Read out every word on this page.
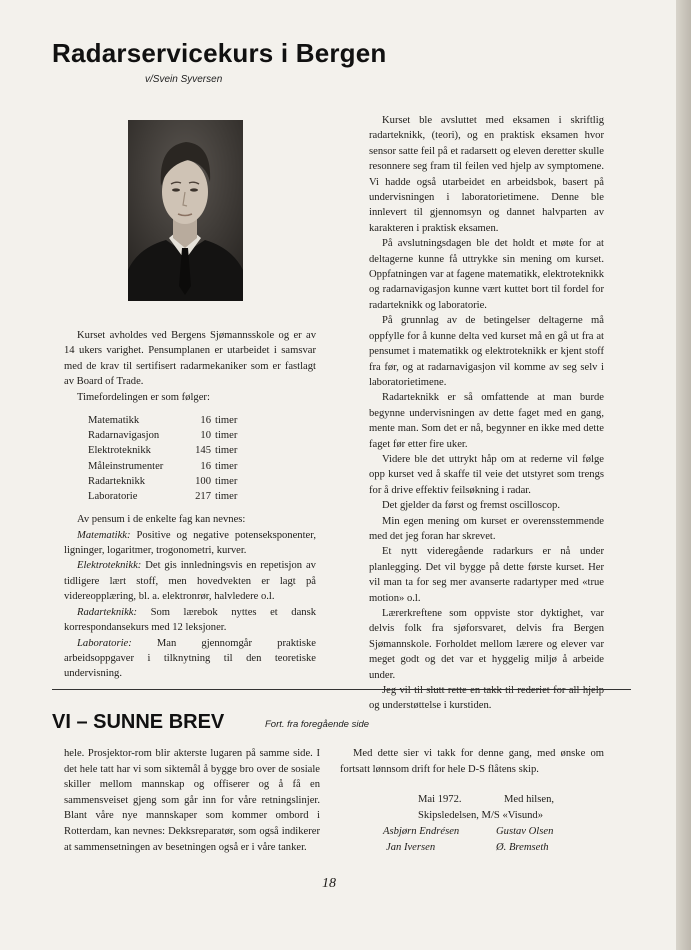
Radarservicekurs i Bergen
v/Svein Syversen

Kurset avholdes ved Bergens Sjømannsskole og er av 14 ukers varighet. Pensumplanen er utarbeidet i samsvar med de krav til sertifisert radarmekaniker som er fastlagt av Board of Trade.

Timefordelingen er som følger:

Matematikk	16	timer
Radarnavigasjon	10	timer
Elektroteknikk	145	timer
Måleinstrumenter	16	timer
Radarteknikk	100	timer
Laboratorie	217	timer

Av pensum i de enkelte fag kan nevnes:

Matematikk: Positive og negative potenseksponenter, ligninger, logaritmer, trogonometri, kurver.

Elektroteknikk: Det gis innledningsvis en repetisjon av tidligere lært stoff, men hovedvekten er lagt på videreopplæring, bl. a. elektronrør, halvledere o.l.

Radarteknikk: Som lærebok nyttes et dansk korrespondansekurs med 12 leksjoner.

Laboratorie: Man gjennomgår praktiske arbeidsoppgaver i tilknytning til den teoretiske undervisning.

Kurset ble avsluttet med eksamen i skriftlig radarteknikk, (teori), og en praktisk eksamen hvor sensor satte feil på et radarsett og eleven deretter skulle resonnere seg fram til feilen ved hjelp av symptomene. Vi hadde også utarbeidet en arbeidsbok, basert på undervisningen i laboratorietimene. Denne ble innlevert til gjennomsyn og dannet halvparten av karakteren i praktisk eksamen.

På avslutningsdagen ble det holdt et møte for at deltagerne kunne få uttrykke sin mening om kurset. Oppfatningen var at fagene matematikk, elektroteknikk og radarnavigasjon kunne vært kuttet bort til fordel for radarteknikk og laboratorie.

På grunnlag av de betingelser deltagerne må oppfylle for å kunne delta ved kurset må en gå ut fra at pensumet i matematikk og elektroteknikk er kjent stoff fra før, og at radarnavigasjon vil komme av seg selv i laboratorietimene.

Radarteknikk er så omfattende at man burde begynne undervisningen av dette faget med en gang, mente man. Som det er nå, begynner en ikke med dette faget før etter fire uker.

Videre ble det uttrykt håp om at rederne vil følge opp kurset ved å skaffe til veie det utstyret som trengs for å drive effektiv feilsøkning i radar.

Det gjelder da først og fremst oscilloscop.

Min egen mening om kurset er overensstemmende med det jeg foran har skrevet.

Et nytt videregående radarkurs er nå under planlegging. Det vil bygge på dette første kurset. Her vil man ta for seg mer avanserte radartyper med «true motion» o.l.

Lærerkreftene som oppviste stor dyktighet, var delvis folk fra sjøforsvaret, delvis fra Bergen Sjømannskole. Forholdet mellom lærere og elever var meget godt og det var et hyggelig miljø å arbeide under.

Jeg vil til slutt rette en takk til rederiet for all hjelp og understøttelse i kurstiden.

VI – SUNNE BREV	Fort. fra foregående side

hele. Prosjektor-rom blir akterste lugaren på samme side. I det hele tatt har vi som siktemål å bygge bro over de sosiale skiller mellom mannskap og offiserer og å få en sammensveiset gjeng som går inn for våre retningslinjer. Blant våre nye mannskaper som kommer ombord i Rotterdam, kan nevnes: Dekksreparatør, som også indikerer at sammensetningen av besetningen også er i våre tanker.

Med dette sier vi takk for denne gang, med ønske om fortsatt lønnsom drift for hele D-S flåtens skip.

Mai 1972.	Med hilsen,
Skipsledelsen, M/S «Visund»
Asbjørn Endrésen	Gustav Olsen
Jan Iversen	Ø. Bremseth
18
